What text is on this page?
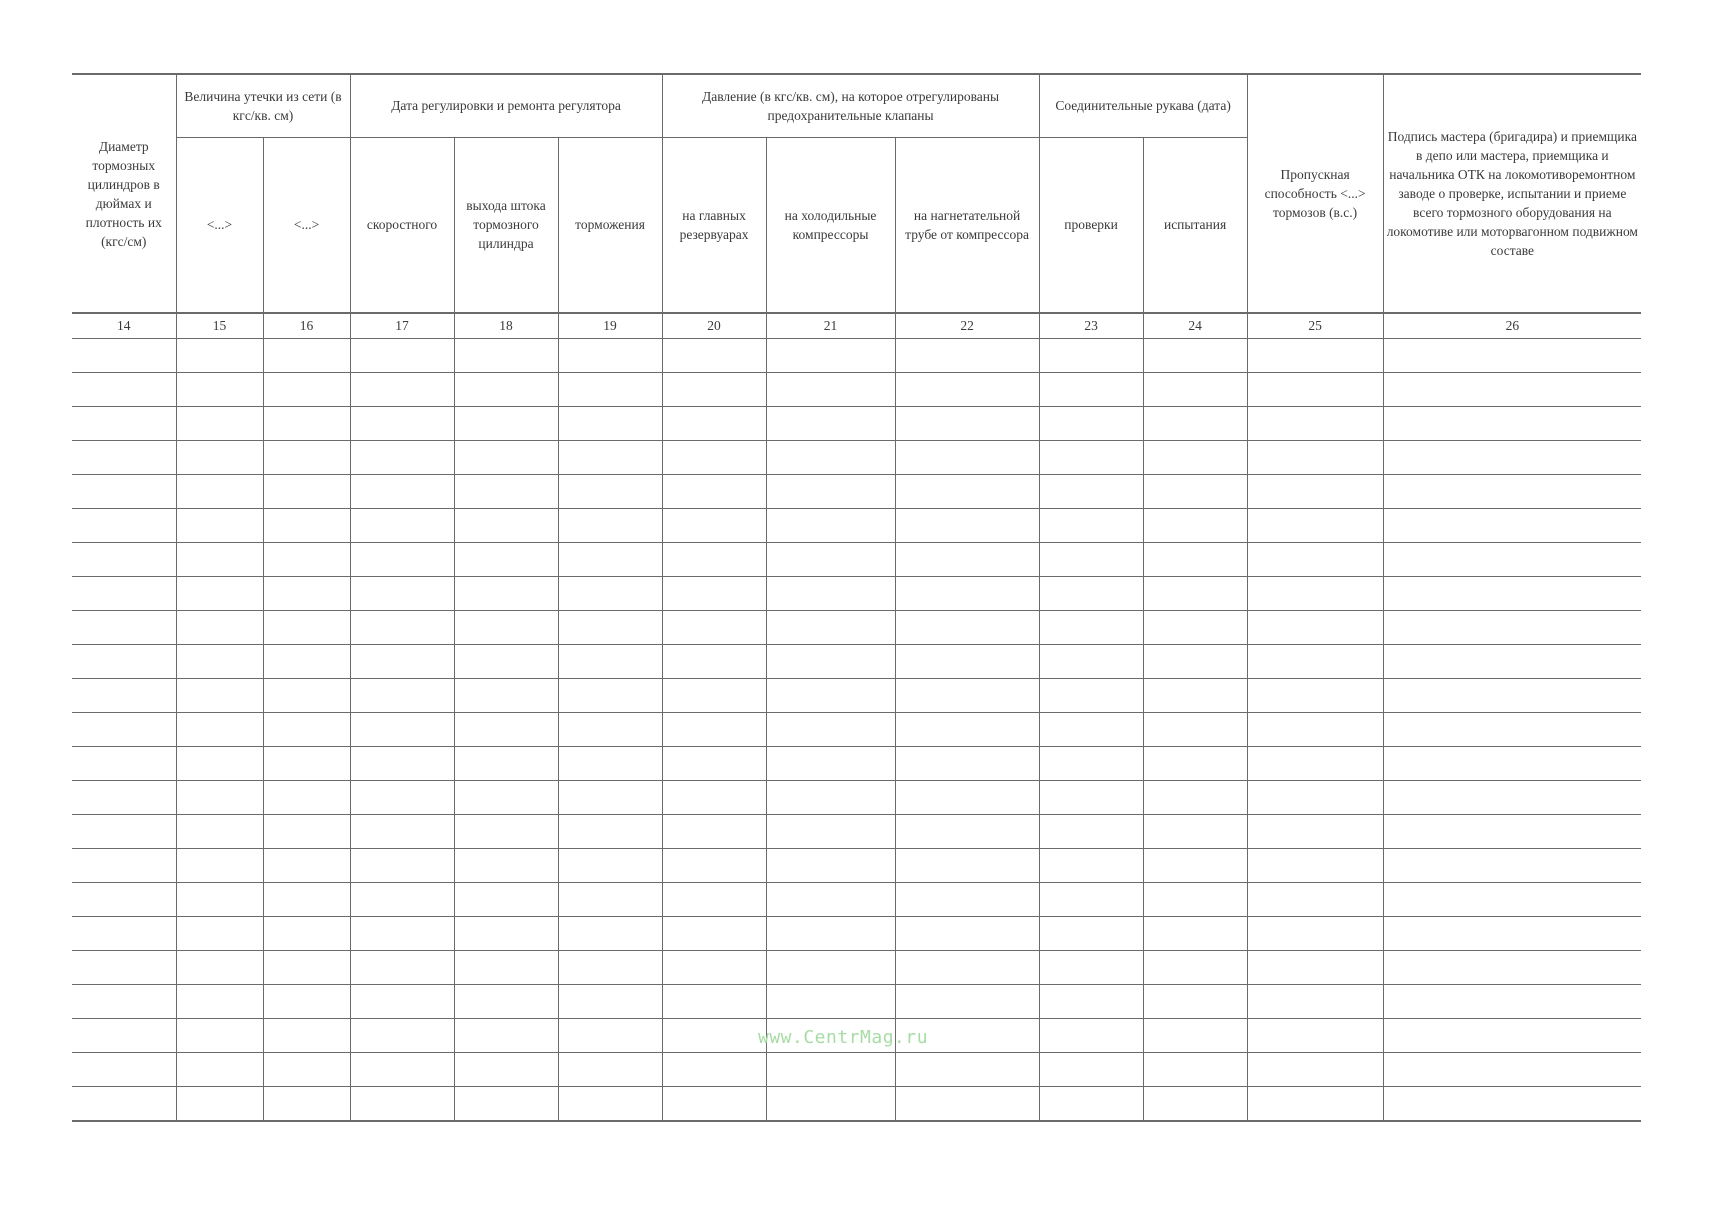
Диаметр тормозных цилиндров в дюймах и плотность их (кгс/см)	Величина утечки из сети (в кгс/кв. см)		Дата регулировки и ремонта регулятора			Давление (в кгс/кв. см), на которое отрегулированы предохранительные клапаны			Соединительные рукава (дата)		Пропускная способность <...> тормозов (в.с.)	Подпись мастера (бригадира) и приемщика в депо или мастера, приемщика и начальника ОТК на локомотиворемонтном заводе о проверке, испытании и приеме всего тормозного оборудования на локомотиве или моторвагонном подвижном составе
	<...>	<...>	скоростного	выхода штока тормозного цилиндра	торможения	на главных резервуарах	на холодильные компрессоры	на нагнетательной трубе от компрессора	проверки	испытания		
14	15	16	17	18	19	20	21	22	23	24	25	26

www.CentrMag.ru
